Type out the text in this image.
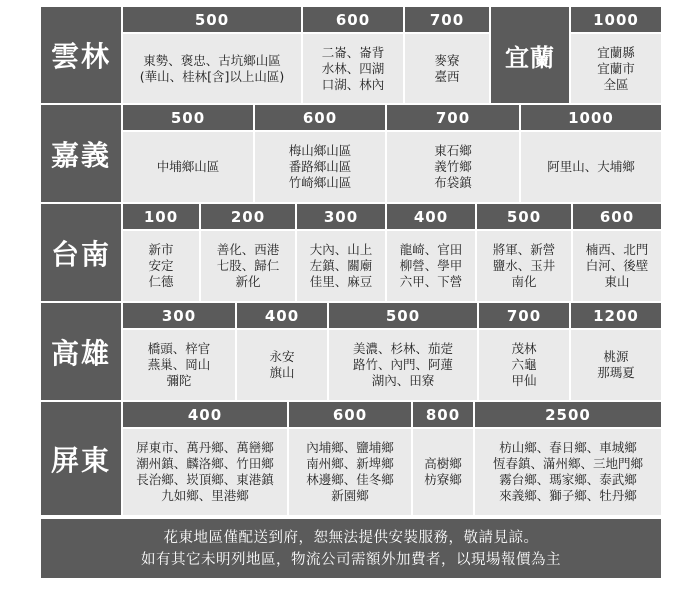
雲林
500
東勢、褒忠、古坑鄉山區
(華山、桂林[含]以上山區)
600
二崙、崙背
水林、四湖
口湖、林內
700
麥寮
臺西
宜蘭
1000
宜蘭縣
宜蘭市
全區
嘉義
500
中埔鄉山區
600
梅山鄉山區
番路鄉山區
竹崎鄉山區
700
東石鄉
義竹鄉
布袋鎮
1000
阿里山、大埔鄉
台南
100
新市
安定
仁德
200
善化、西港
七股、歸仁
新化
300
大內、山上
左鎮、關廟
佳里、麻豆
400
龍崎、官田
柳營、學甲
六甲、下營
500
將軍、新營
鹽水、玉井
南化
600
楠西、北門
白河、後壁
東山
高雄
300
橋頭、梓官
燕巢、岡山
彌陀
400
永安
旗山
500
美濃、杉林、茄萣
路竹、內門、阿蓮
湖內、田寮
700
茂林
六龜
甲仙
1200
桃源
那瑪夏
屏東
400
屏東市、萬丹鄉、萬巒鄉
潮州鎮、麟洛鄉、竹田鄉
長治鄉、崁頂鄉、東港鎮
九如鄉、里港鄉
600
內埔鄉、鹽埔鄉
南州鄉、新埤鄉
林邊鄉、佳冬鄉
新園鄉
800
高樹鄉
枋寮鄉
2500
枋山鄉、春日鄉、車城鄉
恆春鎮、滿州鄉、三地門鄉
霧台鄉、瑪家鄉、泰武鄉
來義鄉、獅子鄉、牡丹鄉
花東地區僅配送到府，恕無法提供安裝服務，敬請見諒。
如有其它未明列地區，物流公司需額外加費者，以現場報價為主
